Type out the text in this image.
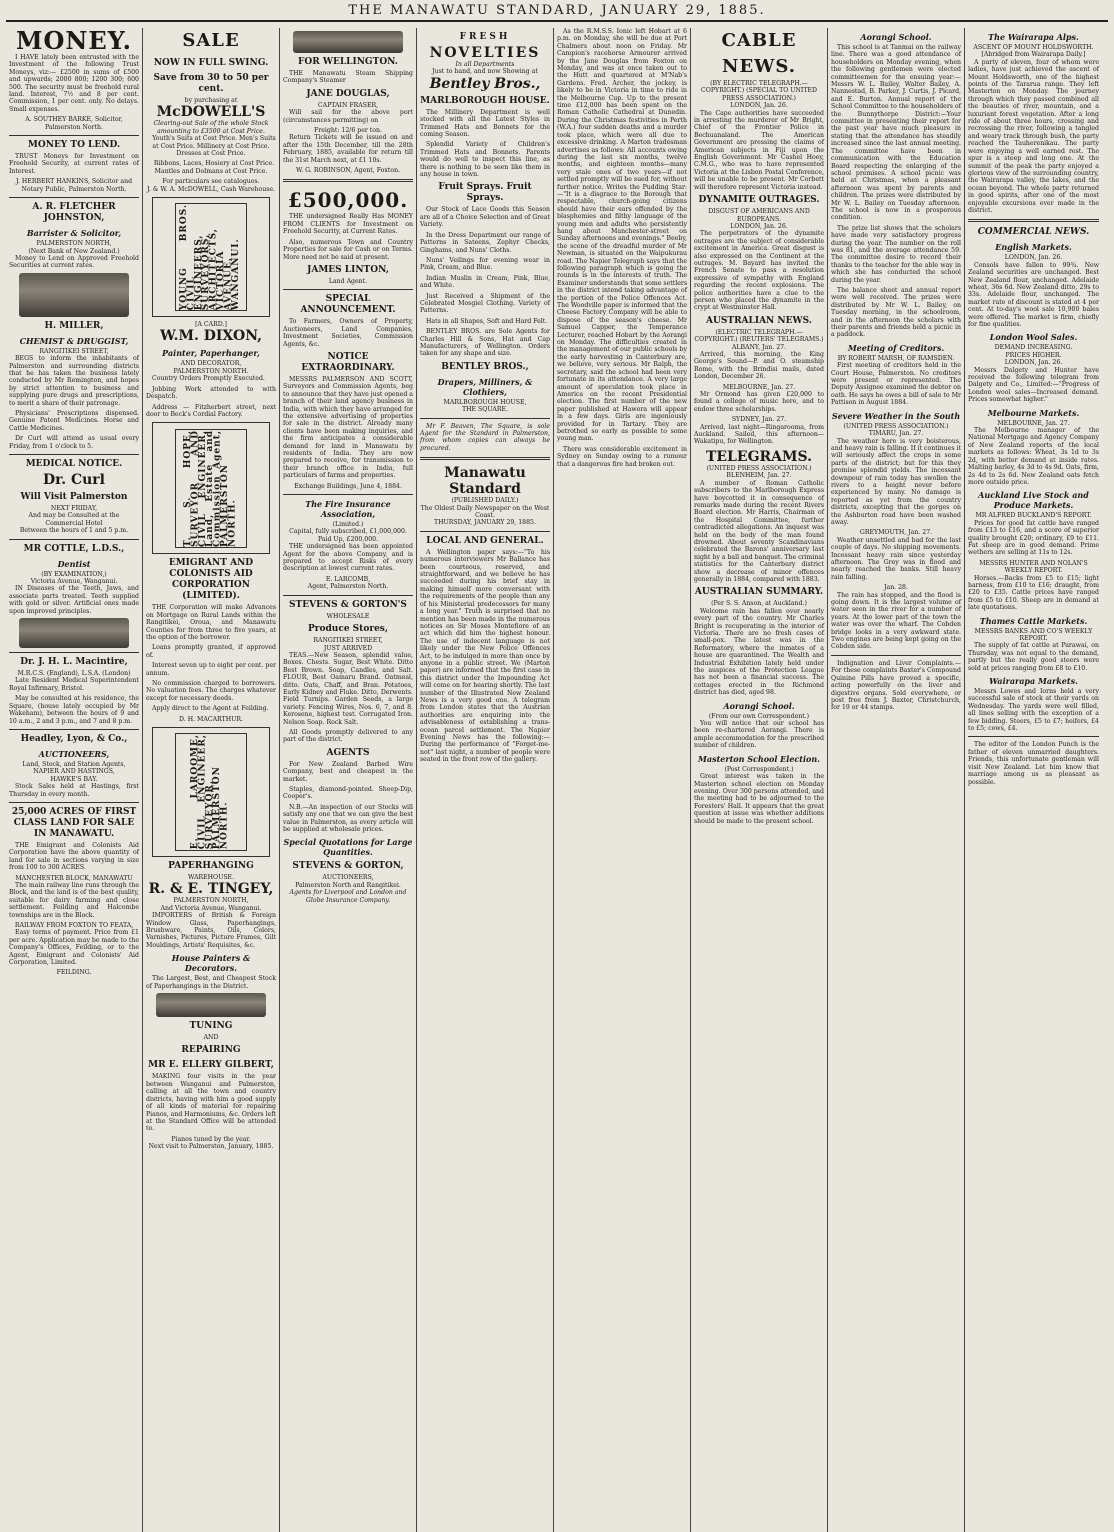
THE MANAWATU STANDARD, JANUARY 29, 1885.
MONEY.

I HAVE lately been entrusted with the Investment of the following Trust Moneys, viz:— £2500 in sums of £500 and upwards; 2000 800; 1200 300; 600 500. The security must be freehold rural land. Interest, 7½ and 8 per cent. Commission, 1 per cent. only. No delays. Small expenses.

A. SOUTHEY BARKE, Solicitor, Palmerston North.
MONEY TO LEND.

TRUST Moneys for Investment on Freehold Security, at current rates of Interest.

J. HERBERT HANKINS, Solicitor and Notary Public, Palmerston North.
A. R. FLETCHER JOHNSTON,
Barrister & Solicitor,
PALMERSTON NORTH,
(Next Bank of New Zealand.)

Money to Lend on Approved Freehold Securities at current rates.

H. MILLER,
CHEMIST & DRUGGIST,
RANGITIKEI STREET,

BEGS to inform the inhabitants of Palmerston and surrounding districts that he has taken the business lately conducted by Mr Remington, and hopes by strict attention to business and supplying pure drugs and prescriptions, to merit a share of their patronage.

Physicians' Prescriptions dispensed. Genuine Patent Medicines. Horse and Cattle Medicines.

Dr Curl will attend as usual every Friday, from 1 o'clock to 5.

MEDICAL NOTICE.
Dr. Curl
Will Visit Palmerston
NEXT FRIDAY,
And may be Consulted at the Commercial Hotel
Between the hours of 1 and 5 p.m.
MR COTTLE, L.D.S.,
Dentist
(BY EXAMINATION,)
Victoria Avenue, Wanganui.

IN Diseases of the Teeth, Jaws, and associate parts treated. Teeth supplied with gold or silver. Artificial ones made upon improved principles.

Dr. J. H. L. Macintire,
M.R.C.S. (England), L.S.A. (London)

Late Resident Medical Superintendent Royal Infirmary, Bristol.

May be consulted at his residence, the Square, (house lately occupied by Mr Wakeham), between the hours of 9 and 10 a.m., 2 and 3 p.m., and 7 and 8 p.m.

Headley, Lyon, & Co.,
AUCTIONEERS,
Land, Stock, and Station Agents,
NAPIER AND HASTINGS,
HAWKE'S BAY.

Stock Sales held at Hastings, first Thursday in every month.

25,000 ACRES OF FIRST CLASS LAND FOR SALE IN MANAWATU.

THE Emigrant and Colonists Aid Corporation have the above quantity of land for sale in sections varying in size from 100 to 300 ACRES.

MANCHESTER BLOCK, MANAWATU

The main railway line runs through the Block, and the land is of the best quality, suitable for dairy farming and close settlement. Feilding and Halcombe townships are in the Block.

RAILWAY FROM FOXTON TO FEATA,

Easy terms of payment. Price from £1 per acre. Application may be made to the Company's Offices, Feilding, or to the Agent, Emigrant and Colonists' Aid Corporation, Limited.

FEILDING.
SALE
NOW IN FULL SWING.
Save from 30 to 50 per cent.
by purchasing at
McDOWELL'S
Clearing-out Sale of the whole Stock amounting to £3500 at Cost Price.

Youth's Suits at Cost Price. Men's Suits at Cost Price. Millinery at Cost Price. Dresses at Cost Price.

Ribbons, Laces, Hosiery at Cost Price. Mantles and Dolmans at Cost Price.

For particulars see catalogues.
J. & W. A. McDOWELL, Cash Warehouse.
YOUNG BROS. CIVIL ENGINEERS, SURVEYORS, ARCHITECTS, VICTORIA AVENUE, WANGANUI.
[A CARD.]
W.M. DIXON,
Painter, Paperhanger,
AND DECORATOR,
PALMERSTON NORTH.

Country Orders Promptly Executed.

Jobbing Work attended to with Despatch.

Address — Fitzherbert street, next door to Beck's Cordial Factory.

T. S. HOPE, SURVEYOR AND CIVIL ENGINEER, Land, Estate and Commission Agent, PALMERSTON NORTH.
EMIGRANT AND COLONISTS AID CORPORATION (LIMITED).

THE Corporation will make Advances on Mortgage on Rural Lands within the Rangitikei, Oroua, and Manawatu Counties for from three to five years, at the option of the borrower.

Loans promptly granted, if approved of.

Interest seven up to eight per cent. per annum.

No commission charged to borrowers. No valuation fees. The charges whatever except for necessary deeds.

Apply direct to the Agent at Feilding.

D. H. MACARTHUR.
E. LAROOME, CIVIL ENGINEER, SURVEYOR, PALMERSTON NORTH.
PAPERHANGING
WAREHOUSE.
R. & E. TINGEY,
PALMERSTON NORTH,
And Victoria Avenue, Wanganui.

IMPORTERS of British & Foreign Window Glass, Paperhangings, Brushware, Paints, Oils, Colors, Varnishes, Pictures, Picture Frames, Gilt Mouldings, Artists' Requisites, &c.

House Painters & Decorators.

The Largest, Best, and Cheapest Stock of Paperhangings in the District.

TUNING
AND
REPAIRING
MR E. ELLERY GILBERT,

MAKING four visits in the year between Wanganui and Palmerston, calling at all the town and country districts, having with him a good supply of all kinds of material for repairing Pianos, and Harmoniums, &c. Orders left at the Standard Office will be attended to.

Pianos tuned by the year.
Next visit to Palmerston, January, 1885.
FOR WELLINGTON.

THE Manawatu Steam Shipping Company's Steamer

JANE DOUGLAS,
CAPTAIN FRASER,

Will sail for the above port (circumstances permitting) on

Freight: 12/6 per ton.

Return Tickets will be issued on and after the 15th December, till the 28th February, 1885, available for return till the 31st March next, at £1 10s.

W. G. ROBINSON, Agent, Foxton.
£500,000.

THE undersigned Really Has MONEY FROM CLIENTS for Investment on Freehold Security, at Current Rates.

Also, numerous Town and Country Properties for sale for Cash or on Terms. More need not be said at present.

JAMES LINTON,
Land Agent.
SPECIAL ANNOUNCEMENT.

To Farmers, Owners of Property, Auctioneers, Land Companies, Investment Societies, Commission Agents, &c.

NOTICE EXTRAORDINARY.

MESSRS PALMERSON AND SCOTT, Surveyors and Commission Agents, beg to announce that they have just opened a branch of their land agency business in India, with which they have arranged for the extensive advertising of properties for sale in the district. Already many clients have been making inquiries, and the firm anticipates a considerable demand for land in Manawatu by residents of India. They are now prepared to receive, for transmission to their branch office in India, full particulars of farms and properties.

Exchange Buildings, June 4, 1884.
The Fire Insurance Association,
(Limited.)
Capital, fully subscribed, £1,000,000.
Paid Up, £200,000.

THE undersigned has been appointed Agent for the above Company, and is prepared to accept Risks of every description at lowest current rates.

E. LARCOMB,
Agent, Palmerston North.
STEVENS & GORTON'S
WHOLESALE
Produce Stores,
RANGITIKEI STREET,
JUST ARRIVED

TEAS.—New Season, splendid value, Boxes. Chests. Sugar, Best White. Ditto Best Brown. Soap, Candles, and Salt. FLOUR, Best Oamaru Brand. Oatmeal, ditto. Oats, Chaff, and Bran. Potatoes, Early Kidney and Fluke. Ditto, Derwents. Field Turnips. Garden Seeds, a large variety. Fencing Wires, Nos. 6, 7, and 8. Kerosene, highest test. Corrugated Iron. Nelson Soap. Rock Salt.

All Goods promptly delivered to any part of the district.

AGENTS

For New Zealand Barbed Wire Company, best and cheapest in the market.

Staples, diamond-pointed. Sheep-Dip, Cooper's.

N.B.—An inspection of our Stocks will satisfy any one that we can give the best value in Palmerston, as every article will be supplied at wholesale prices.

Special Quotations for Large Quantities.
STEVENS & GORTON,
AUCTIONEERS,
Palmerston North and Rangitikei.
Agents for Liverpool and London and Globe Insurance Company.
FRESH
NOVELTIES
In all Departments
Just to hand, and now Showing at
Bentley Bros.,
MARLBOROUGH HOUSE.

The Millinery Department is well stocked with all the Latest Styles in Trimmed Hats and Bonnets for the coming Season.

Splendid Variety of Children's Trimmed Hats and Bonnets. Parents would do well to inspect this line, as there is nothing to be seen like them in any house in town.

Fruit Sprays. Fruit Sprays.

Our Stock of Lace Goods this Season are all of a Choice Selection and of Great Variety.

In the Dress Department our range of Patterns in Sateens, Zephyr Checks, Ginghams, and Nuns' Cloths.

Nuns' Veilings for evening wear in Pink, Cream, and Blue.

Indian Muslin in Cream, Pink, Blue, and White.

Just Received a Shipment of the Celebrated Mosgiel Clothing. Variety of Patterns.

Hats in all Shapes, Soft and Hard Felt.

BENTLEY BROS. are Sole Agents for Charles Hill & Sons, Hat and Cap Manufacturers, of Wellington. Orders taken for any shape and size.

BENTLEY BROS.,
Drapers, Milliners, & Clothiers,
MARLBOROUGH HOUSE,
THE SQUARE.

Mr F. Beaven, The Square, is sole Agent for the Standard in Palmerston, from whom copies can always be procured.

Manawatu Standard
(PUBLISHED DAILY.)
The Oldest Daily Newspaper on the West Coast.
THURSDAY, JANUARY 29, 1885.
LOCAL AND GENERAL.

A Wellington paper says:—"To his numerous interviewers Mr Ballance has been courteous, reserved, and straightforward, and we believe he has succeeded during his brief stay in making himself more conversant with the requirements of the people than any of his Ministerial predecessors for many a long year." Truth is surprised that no mention has been made in the numerous notices on Sir Moses Montefiore of an act which did him the highest honour. The use of indecent language is not likely under the New Police Offences Act, to be indulged in more than once by anyone in a public street. We (Marton paper) are informed that the first case in this district under the Impounding Act will come on for hearing shortly. The last number of the Illustrated New Zealand News is a very good one. A telegram from London states that the Austrian authorities are enquiring into the advisableness of establishing a trans-ocean parcel settlement. The Napier Evening News has the following:—During the performance of "Forget-me-not" last night, a number of people were seated in the front row of the gallery.

As the R.M.S.S. Ionic left Hobart at 6 p.m. on Monday, she will be due at Port Chalmers about noon on Friday. Mr Campion's racehorse Armourer arrived by the Jane Douglas from Foxton on Monday, and was at once taken out to the Hutt and quartered at M'Nab's Gardens. Fred. Archer, the jockey, is likely to be in Victoria in time to ride in the Melbourne Cup. Up to the present time £12,000 has been spent on the Roman Catholic Cathedral at Dunedin. During the Christmas festivities in Perth (W.A.) four sudden deaths and a murder took place, which were all due to excessive drinking. A Marton tradesman advertises as follows: All accounts owing during the last six months, twelve months, and eighteen months—many very stale ones of two years—if not settled promptly will be sued for, without further notice. Writes the Pudding Star:—"It is a disgrace to the Borough that respectable, church-going citizens should have their ears offended by the blasphemies and filthy language of the young men and adults who persistently hang about Manchester-street on Sunday afternoons and evenings." Beeby, the scene of the dreadful murder of Mr Newman, is situated on the Waipukurau road. The Napier Telegraph says that the following paragraph which is going the rounds is in the interests of truth. The Examiner understands that some settlers in the district intend taking advantage of the portion of the Police Offences Act. The Woodville paper is informed that the Cheese Factory Company will be able to dispose of the season's cheese. Mr Samuel Capper, the Temperance Lecturer, reached Hobart by the Aorangi on Monday. The difficulties created in the management of our public schools by the early harvesting in Canterbury are, we believe, very serious. Mr Ralph, the secretary, said the school had been very fortunate in its attendance. A very large amount of speculation took place in America on the recent Presidential election. The first number of the new paper published at Hawera will appear in a few days. Girls are ingeniously provided for in Tartary. They are betrothed so early as possible to some young man.

There was considerable excitement in Sydney on Sunday owing to a rumour that a dangerous fire had broken out.

CABLE NEWS.
(BY ELECTRIC TELEGRAPH.—COPYRIGHT.) (SPECIAL TO UNITED PRESS ASSOCIATION.)
LONDON, Jan. 26.

The Cape authorities have succeeded in arresting the murderer of Mr Bright, Chief of the Frontier Police in Bechuanaland. The American Government are pressing the claims of American subjects in Fiji upon the English Government. Mr Cashel Hoey, C.M.G., who was to have represented Victoria at the Lisbon Postal Conference, will be unable to be present. Mr Corbett will therefore represent Victoria instead.

DYNAMITE OUTRAGES.
DISGUST OF AMERICANS AND EUROPEANS.
LONDON, Jan. 26.

The perpetrators of the dynamite outrages are the subject of considerable excitement in America. Great disgust is also expressed on the Continent at the outrages. M. Bayard has invited the French Senate to pass a resolution expressive of sympathy with England regarding the recent explosions. The police authorities have a clue to the person who placed the dynamite in the crypt at Westminster Hall.

AUSTRALIAN NEWS.
(ELECTRIC TELEGRAPH.—COPYRIGHT.) (REUTERS' TELEGRAMS.)
ALBANY, Jan. 27.

Arrived, this morning, the King George's Sound—P. and O. steamship Rome, with the Brindisi mails, dated London, December 26.

MELBOURNE, Jan. 27.

Mr Ormond has given £20,000 to found a college of music here, and to endow three scholarships.

SYDNEY, Jan. 27.

Arrived, last night—Ringarooma, from Auckland. Sailed, this afternoon—Wakatipu, for Wellington.

TELEGRAMS.
(UNITED PRESS ASSOCIATION.)
BLENHEIM, Jan. 27.

A number of Roman Catholic subscribers to the Marlborough Express have boycotted it in consequence of remarks made during the recent Rivers Board election. Mr Harris, Chairman of the Hospital Committee, further contradicted allegations. An inquest was held on the body of the man found drowned. About seventy Scandinavians celebrated the Barons' anniversary last night by a ball and banquet. The criminal statistics for the Canterbury district show a decrease of minor offences generally in 1884, compared with 1883.

AUSTRALIAN SUMMARY.
(Per S. S. Anson, at Auckland.)

Welcome rain has fallen over nearly every part of the country. Mr Charles Bright is recuperating in the interior of Victoria. There are no fresh cases of small-pox. The latest was in the Reformatory, where the inmates of a house are quarantined. The Wealth and Industrial Exhibition lately held under the auspices of the Protection League has not been a financial success. The cottages erected in the Richmond district has died, aged 98.

Aorangi School.
(From our own Correspondent.)

You will notice that our school has been re-chartered Aorangi. There is ample accommodation for the prescribed number of children.

Masterton School Election.
(Post Correspondent.)

Great interest was taken in the Masterton school election on Monday evening. Over 300 persons attended, and the meeting had to be adjourned to the Foresters' Hall. It appears that the great question at issue was whether additions should be made to the present school.

Aorangi School.

This school is at Tanmai on the railway line. There was a good attendance of householders on Monday evening, when the following gentlemen were elected committeemen for the ensuing year:—Messrs W. L. Bailey, Walter Bailey, A. Nannestad, B. Parker, J. Curtis, J. Picard, and E. Burton. Annual report of the School Committee to the householders of the Bunnythorpe District:—Your committee in presenting their report for the past year have much pleasure in stating that the attendance has steadily increased since the last annual meeting. The committee have been in communication with the Education Board respecting the enlarging of the school premises. A school picnic was held at Christmas, when a pleasant afternoon was spent by parents and children. The prizes were distributed by Mr W. L. Bailey on Tuesday afternoon. The school is now in a prosperous condition.

The prize list shows that the scholars have made very satisfactory progress during the year. The number on the roll was 81, and the average attendance 59. The committee desire to record their thanks to the teacher for the able way in which she has conducted the school during the year.

The balance sheet and annual report were well received. The prizes were distributed by Mr W. L. Bailey, on Tuesday morning, in the schoolroom, and in the afternoon the scholars with their parents and friends held a picnic in a paddock.

Meeting of Creditors.
BY ROBERT MARSH, OF RAMSDEN.

First meeting of creditors held in the Court House, Palmerston. No creditors were present or represented. The Deputy Assignee examined the debtor on oath. He says he owes a bill of sale to Mr Pattison in August 1884.

Severe Weather in the South
(UNITED PRESS ASSOCIATION.)
TIMARU, Jan. 27.

The weather here is very boisterous, and heavy rain is falling. If it continues it will seriously affect the crops in some parts of the district; but for this they promise splendid yields. The incessant downpour of rain today has swollen the rivers to a height never before experienced by many. No damage is reported as yet from the country districts, excepting that the gorges on the Ashburton road have been washed away.

GREYMOUTH, Jan. 27.

Weather unsettled and bad for the last couple of days. No shipping movements. Incessant heavy rain since yesterday afternoon. The Grey was in flood and nearly reached the banks. Still heavy rain falling.

Jan. 28.

The rain has stopped, and the flood is going down. It is the largest volume of water seen in the river for a number of years. At the lower part of the town the water was over the wharf. The Cobden bridge looks in a very awkward state. Two engines are being kept going on the Cobden side.

Indignation and Liver Complaints.—For these complaints Baxter's Compound Quinine Pills have proved a specific, acting powerfully on the liver and digestive organs. Sold everywhere, or post free from J. Baxter, Christchurch, for 19 or 44 stamps.

The Wairarapa Alps.
ASCENT OF MOUNT HOLDSWORTH.
[Abridged from Wairarapa Daily.]

A party of eleven, four of whom were ladies, have just achieved the ascent of Mount Holdsworth, one of the highest points of the Tararua range. They left Masterton on Monday. The journey through which they passed combined all the beauties of river, mountain, and a luxuriant forest vegetation. After a long ride of about three hours, crossing and recrossing the river, following a tangled and weary track through bush, the party reached the Tauherenikau. The party were enjoying a well earned rest. The spur is a steep and long one. At the summit of the peak the party enjoyed a glorious view of the surrounding country, the Wairarapa valley, the lakes, and the ocean beyond. The whole party returned in good spirits, after one of the most enjoyable excursions ever made in the district.

COMMERCIAL NEWS.
English Markets.
LONDON, Jan. 26.

Consols have fallen to 99¾. New Zealand securities are unchanged. Best New Zealand flour, unchanged. Adelaide wheat, 36s 6d. New Zealand ditto, 29s to 33s. Adelaide flour, unchanged. The market rate of discount is stated at 4 per cent. At to-day's wool sale 10,900 bales were offered. The market is firm, chiefly for fine qualities.

London Wool Sales.
DEMAND INCREASING.
PRICES HIGHER.
LONDON, Jan. 26.

Messrs Dalgety and Hunter have received the following telegram from Dalgety and Co., Limited:—"Progress of London wool sales—Increased demand. Prices somewhat higher."

Melbourne Markets.
MELBOURNE, Jan. 27.

The Melbourne manager of the National Mortgage and Agency Company of New Zealand reports of the local markets as follows: Wheat, 3s 1d to 3s 2d, with better demand at inside rates. Malting barley, 4s 3d to 4s 9d. Oats, firm, 2s 4d to 2s 6d. New Zealand oats fetch more outside price.

Auckland Live Stock and Produce Markets.
MR ALFRED BUCKLAND'S REPORT.

Prices for good fat cattle have ranged from £13 to £16, and a score of superior quality brought £20; ordinary, £9 to £11. Fat sheep are in good demand. Prime wethers are selling at 11s to 12s.

MESSRS HUNTER AND NOLAN'S WEEKLY REPORT.

Horses.—Backs from £5 to £15; light harness, from £10 to £16; draught, from £20 to £35. Cattle prices have ranged from £5 to £10. Sheep are in demand at late quotations.

Thames Cattle Markets.
MESSRS BANKS AND CO'S WEEKLY REPORT.

The supply of fat cattle at Parawai, on Thursday, was not equal to the demand, partly but the really good steers were sold at prices ranging from £8 to £10.

Wairarapa Markets.

Messrs Lowes and Iorns held a very successful sale of stock at their yards on Wednesday. The yards were well filled, all lines selling with the exception of a few bidding. Steers, £5 to £7; heifers, £4 to £5; cows, £4.

The editor of the London Punch is the father of eleven unmarried daughters. Friends, this unfortunate gentleman will visit New Zealand. Let him know that marriage among us as pleasant as possible.
